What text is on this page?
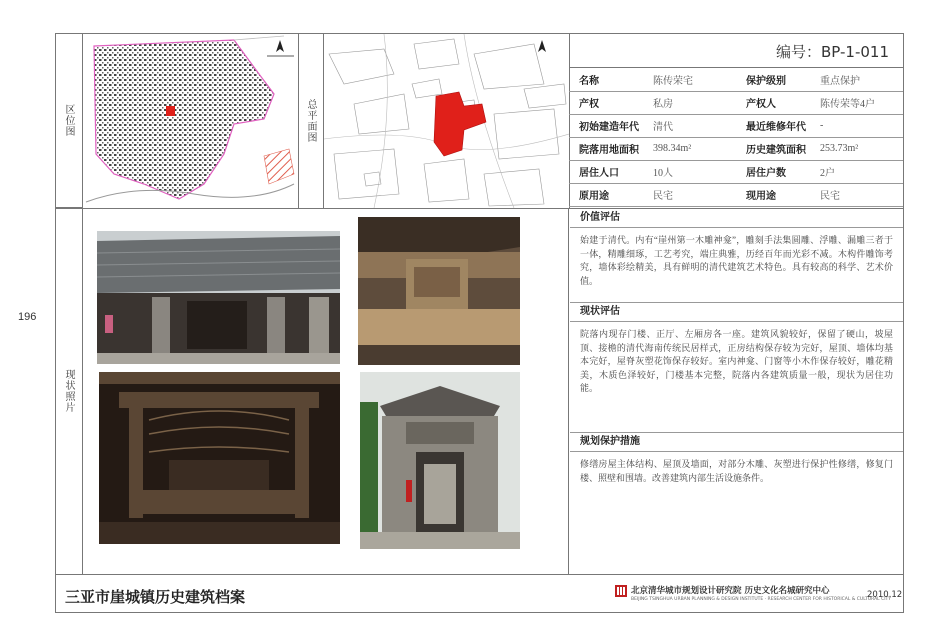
196
区位图
现状照片
总平面图
编号：BP-1-011
名称	陈传荣宅	保护级别	重点保护
产权	私房	产权人	陈传荣等4户
初始建造年代	清代	最近维修年代	-
院落用地面积	398.34m²	历史建筑面积	253.73m²
居住人口	10人	居住户数	2户
原用途	民宅	现用途	民宅
价值评估
始建于清代。内有“崖州第一木雕神龛”，雕刻手法集圆雕、浮雕、漏雕三者于一体，精雕细琢，工艺考究，端庄典雅，历经百年而光彩不减。木构件雕饰考究，墙体彩绘精美，具有鲜明的清代建筑艺术特色。具有较高的科学、艺术价值。
现状评估
院落内现存门楼、正厅、左厢房各一座。建筑风貌较好，保留了硬山，坡屋顶、接檐的清代海南传统民居样式，正房结构保存较为完好，屋顶、墙体均基本完好，屋脊灰塑花饰保存较好。室内神龛、门窗等小木作保存较好，雕花精美，木质色泽较好，门楼基本完整，院落内各建筑质量一般，现状为居住功能。
规划保护措施
修缮房屋主体结构、屋顶及墙面，对部分木雕、灰塑进行保护性修缮，修复门楼、照壁和围墙。改善建筑内部生活设施条件。
三亚市崖城镇历史建筑档案	北京清华城市规划设计研究院 历史文化名城研究中心
BEIJING TSINGHUA URBAN PLANNING & DESIGN INSTITUTE · RESEARCH CENTER FOR HISTORICAL & CULTURAL CITY
2010.12
